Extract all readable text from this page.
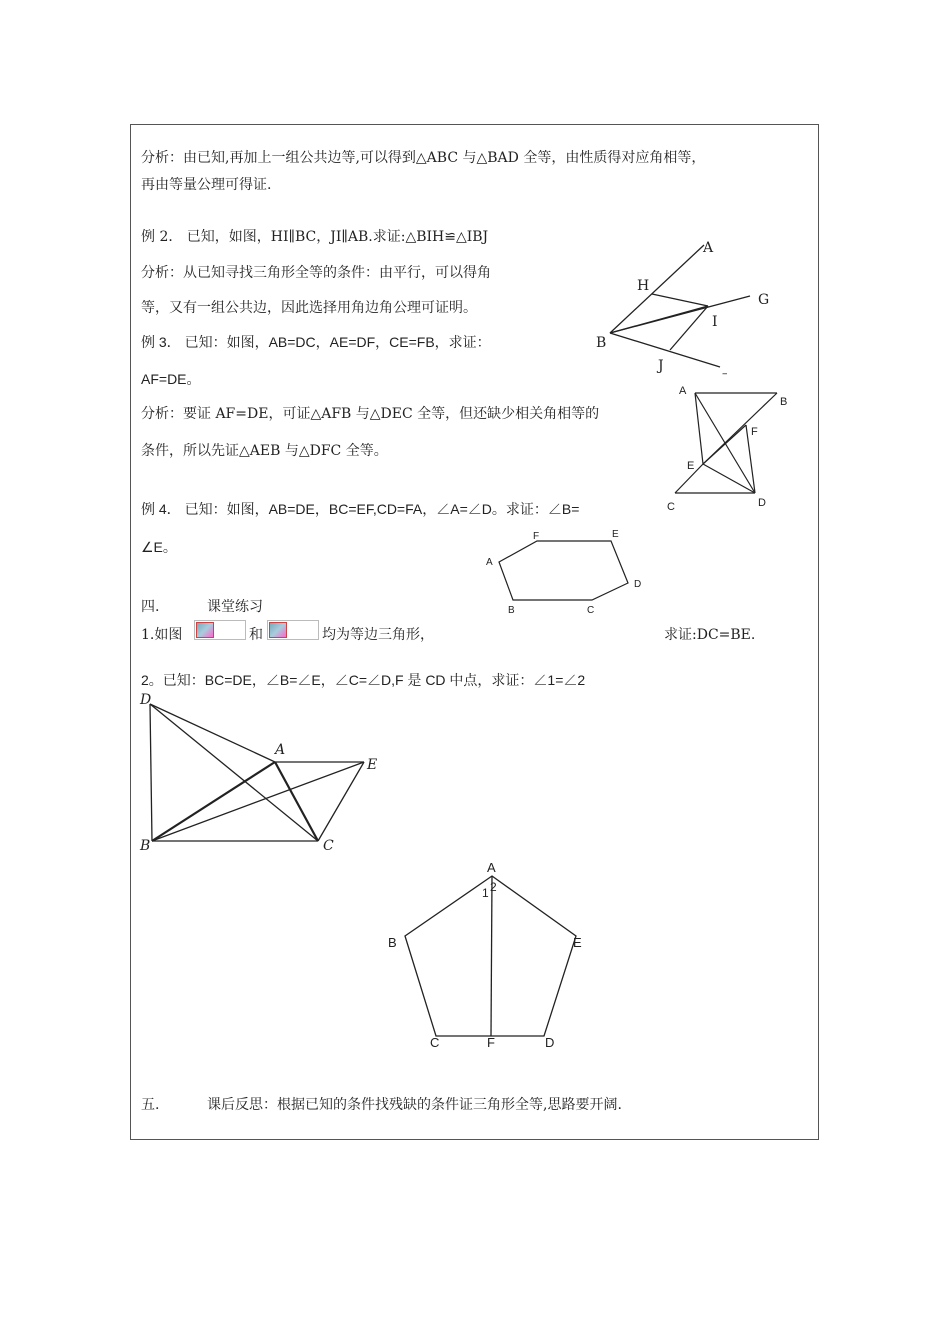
分析：由已知,再加上一组公共边等,可以得到△ABC 与△BAD 全等，由性质得对应角相等，
再由等量公理可得证.
例 2． 已知，如图，HI∥BC，JI∥AB.求证:△BIH≌△IBJ
分析：从已知寻找三角形全等的条件：由平行，可以得角
等，又有一组公共边，因此选择用角边角公理可证明。
A
H
G
I
B
J	–
例 3． 已知：如图，AB=DC，AE=DF，CE=FB，求证：
AF=DE。
分析：要证 AF=DE，可证△AFB 与△DEC 全等，但还缺少相关角相等的
条件，所以先证△AEB 与△DFC 全等。
A
B
F
E
C	D
例 4． 已知：如图，AB=DE，BC=EF,CD=FA，∠A=∠D。求证：∠B=
∠E。
A
F	E
D
C
B
四.	课堂练习
1.如图	和	均为等边三角形，	求证:DC=BE.
2。已知：BC=DE，∠B=∠E，∠C=∠D,F 是 CD 中点，求证：∠1=∠2
D
A
E
B	C
A
1 2
B	E
C	F	D
五.	课后反思：根据已知的条件找残缺的条件证三角形全等,思路要开阔.
